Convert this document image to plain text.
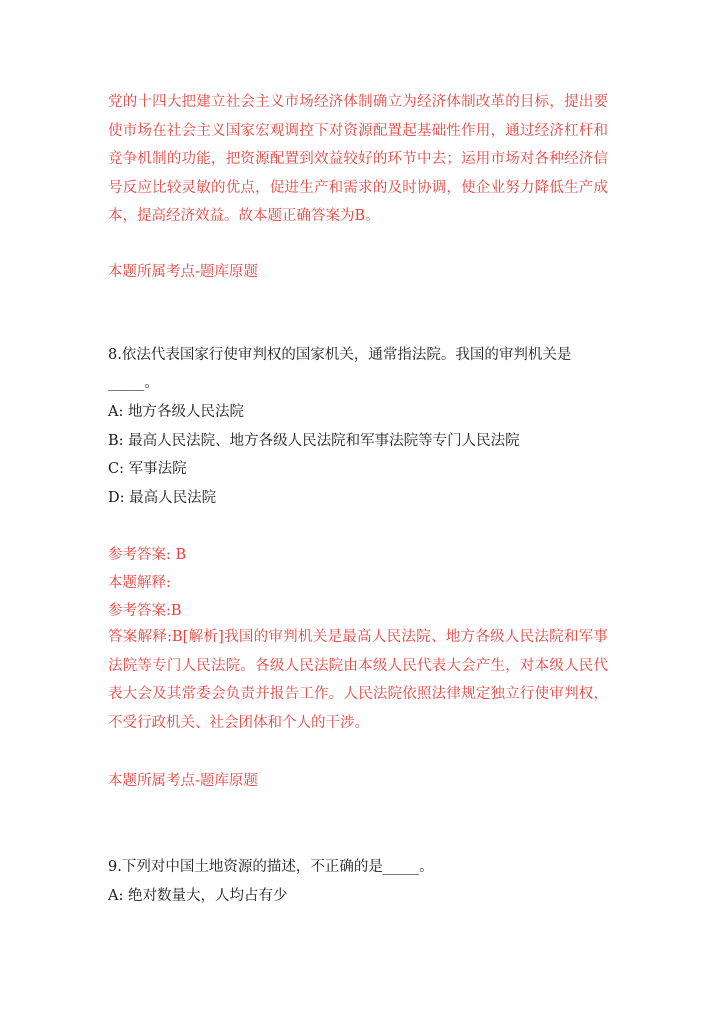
党的十四大把建立社会主义市场经济体制确立为经济体制改革的目标，提出要使市场在社会主义国家宏观调控下对资源配置起基础性作用，通过经济杠杆和竞争机制的功能，把资源配置到效益较好的环节中去；运用市场对各种经济信号反应比较灵敏的优点，促进生产和需求的及时协调，使企业努力降低生产成本，提高经济效益。故本题正确答案为B。

本题所属考点-题库原题
8.依法代表国家行使审判权的国家机关，通常指法院。我国的审判机关是
_____。
A: 地方各级人民法院
B: 最高人民法院、地方各级人民法院和军事法院等专门人民法院
C: 军事法院
D: 最高人民法院
参考答案: B
本题解释:
参考答案:B

答案解释:B[解析]我国的审判机关是最高人民法院、地方各级人民法院和军事法院等专门人民法院。各级人民法院由本级人民代表大会产生，对本级人民代表大会及其常委会负责并报告工作。人民法院依照法律规定独立行使审判权，不受行政机关、社会团体和个人的干涉。

本题所属考点-题库原题
9.下列对中国土地资源的描述，不正确的是_____。
A: 绝对数量大，人均占有少
